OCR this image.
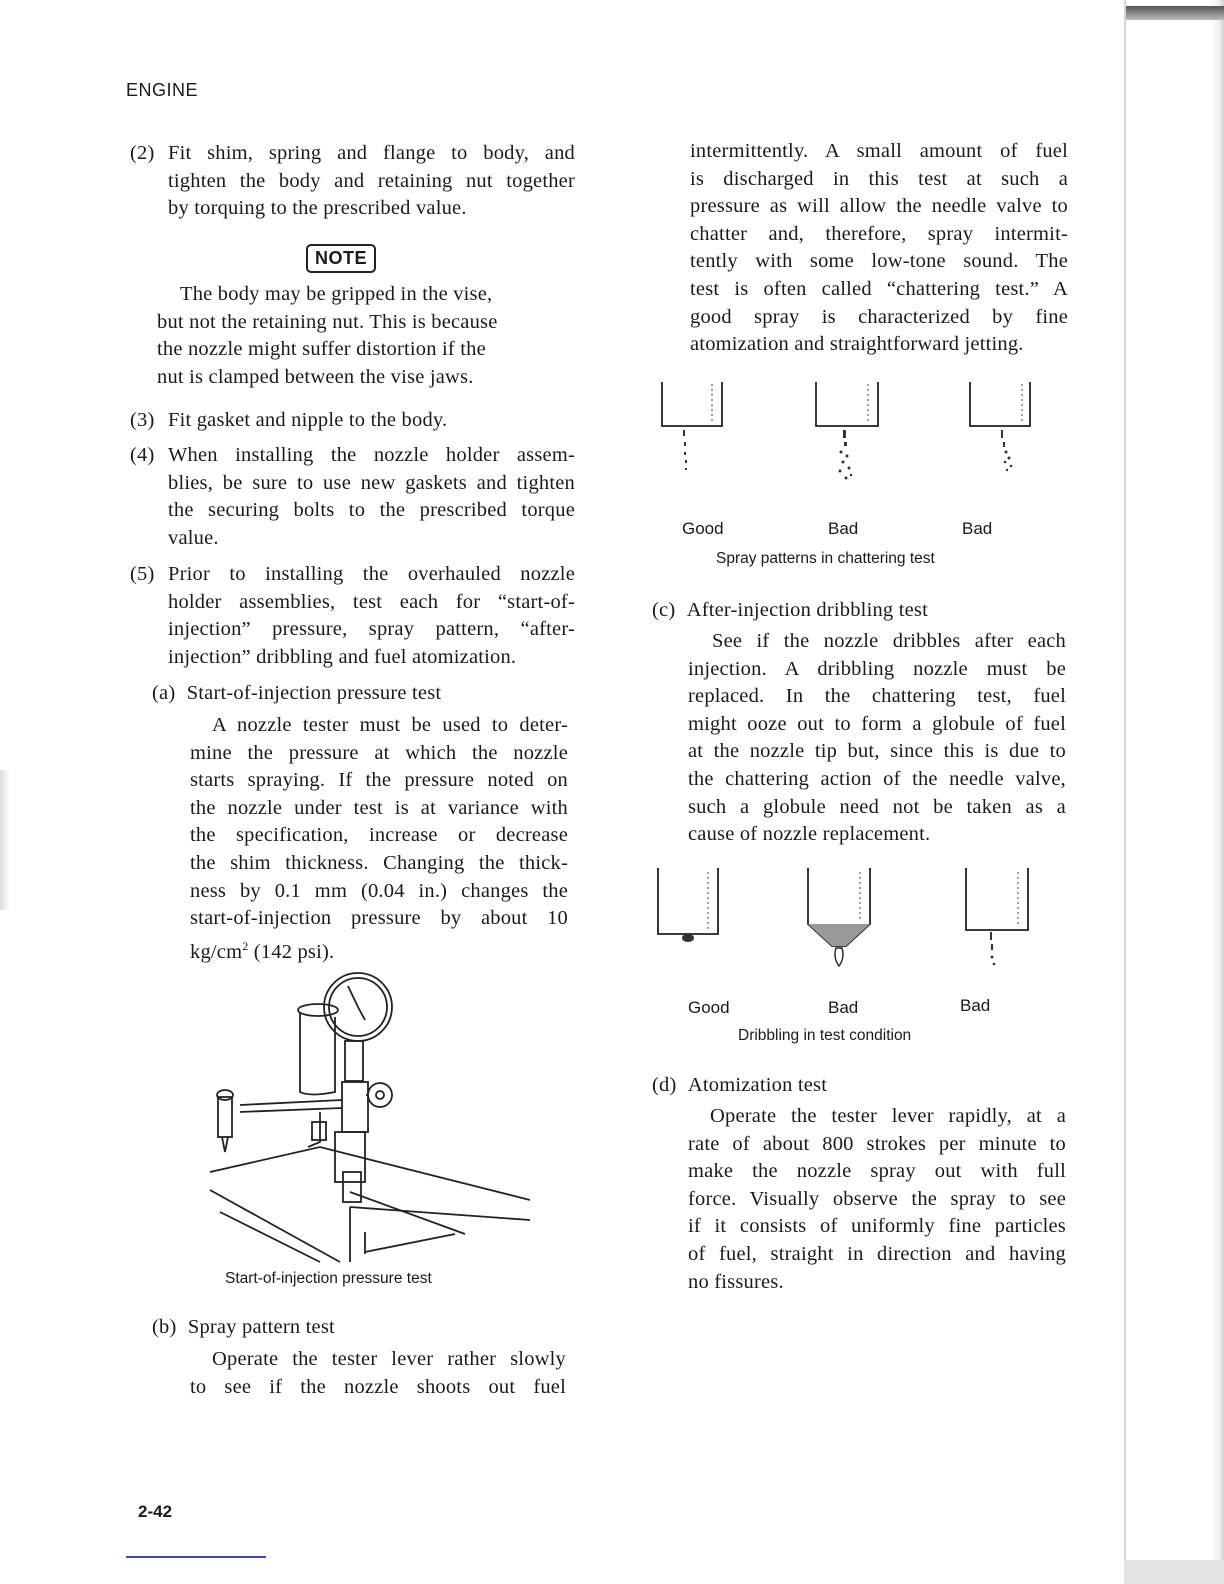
ENGINE
(2) Fit shim, spring and flange to body, and
tighten the body and retaining nut together
by torquing to the prescribed value.
NOTE
The body may be gripped in the vise,
but not the retaining nut. This is because
the nozzle might suffer distortion if the
nut is clamped between the vise jaws.
(3) Fit gasket and nipple to the body.
(4) When installing the nozzle holder assem-
blies, be sure to use new gaskets and tighten
the securing bolts to the prescribed torque
value.
(5) Prior to installing the overhauled nozzle
holder assemblies, test each for “start-of-
injection” pressure, spray pattern, “after-
injection” dribbling and fuel atomization.
(a) Start-of-injection pressure test
A nozzle tester must be used to deter-
mine the pressure at which the nozzle
starts spraying. If the pressure noted on
the nozzle under test is at variance with
the specification, increase or decrease
the shim thickness. Changing the thick-
ness by 0.1 mm (0.04 in.) changes the
start-of-injection pressure by about 10
$kg/cm^2$ (142 psi).
Start-of-injection pressure test
(b) Spray pattern test
Operate the tester lever rather slowly
to see if the nozzle shoots out fuel
intermittently. A small amount of fuel
is discharged in this test at such a
pressure as will allow the needle valve to
chatter and, therefore, spray intermit-
tently with some low-tone sound. The
test is often called “chattering test.” A
good spray is characterized by fine
atomization and straightforward jetting.
Good	Bad	Bad
Spray patterns in chattering test
(c) After-injection dribbling test
See if the nozzle dribbles after each
injection. A dribbling nozzle must be
replaced. In the chattering test, fuel
might ooze out to form a globule of fuel
at the nozzle tip but, since this is due to
the chattering action of the needle valve,
such a globule need not be taken as a
cause of nozzle replacement.
Good	Bad	Bad
Dribbling in test condition
(d) Atomization test
Operate the tester lever rapidly, at a
rate of about 800 strokes per minute to
make the nozzle spray out with full
force. Visually observe the spray to see
if it consists of uniformly fine particles
of fuel, straight in direction and having
no fissures.
2-42
